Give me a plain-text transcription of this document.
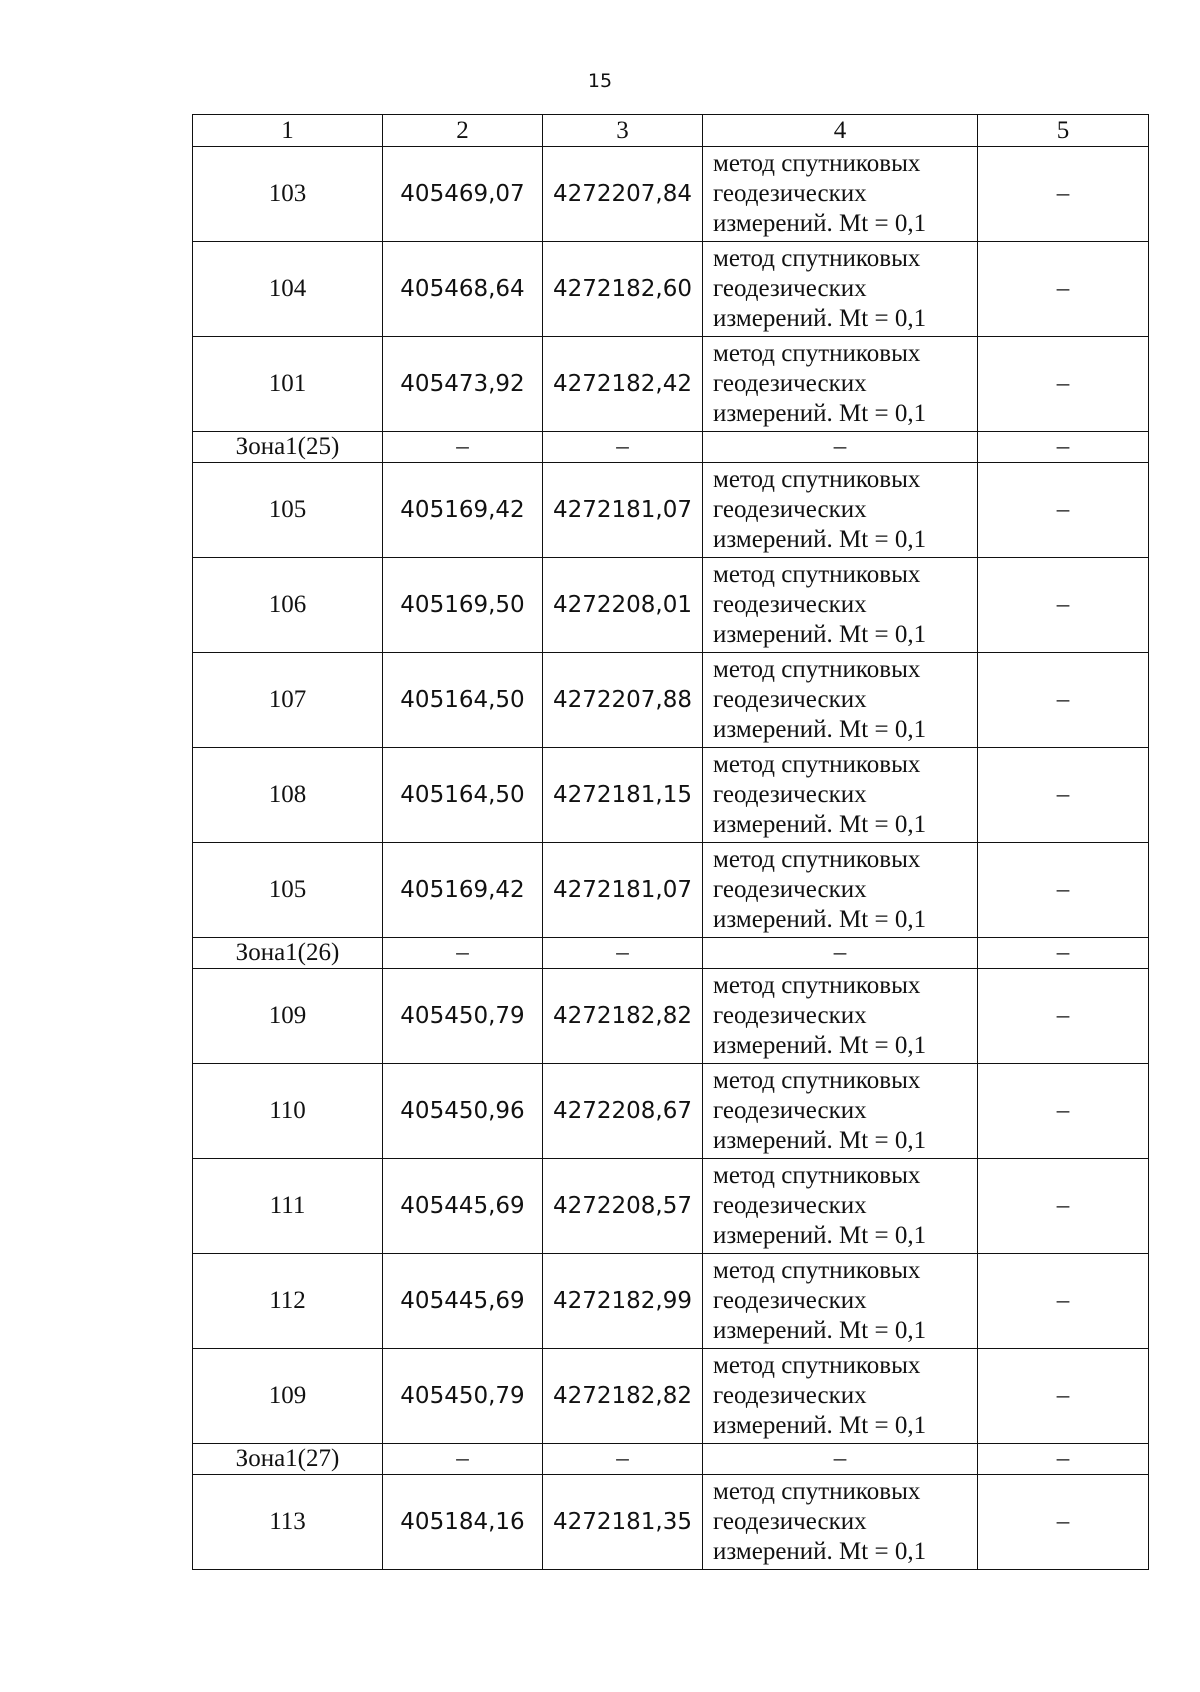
15
1	2	3	4	5
103	405469,07	4272207,84	метод спутниковых
геодезических
измерений. Mt = 0,1	–
104	405468,64	4272182,60	метод спутниковых
геодезических
измерений. Mt = 0,1	–
101	405473,92	4272182,42	метод спутниковых
геодезических
измерений. Mt = 0,1	–
Зона1(25)	–	–	–	–
105	405169,42	4272181,07	метод спутниковых
геодезических
измерений. Mt = 0,1	–
106	405169,50	4272208,01	метод спутниковых
геодезических
измерений. Mt = 0,1	–
107	405164,50	4272207,88	метод спутниковых
геодезических
измерений. Mt = 0,1	–
108	405164,50	4272181,15	метод спутниковых
геодезических
измерений. Mt = 0,1	–
105	405169,42	4272181,07	метод спутниковых
геодезических
измерений. Mt = 0,1	–
Зона1(26)	–	–	–	–
109	405450,79	4272182,82	метод спутниковых
геодезических
измерений. Mt = 0,1	–
110	405450,96	4272208,67	метод спутниковых
геодезических
измерений. Mt = 0,1	–
111	405445,69	4272208,57	метод спутниковых
геодезических
измерений. Mt = 0,1	–
112	405445,69	4272182,99	метод спутниковых
геодезических
измерений. Mt = 0,1	–
109	405450,79	4272182,82	метод спутниковых
геодезических
измерений. Mt = 0,1	–
Зона1(27)	–	–	–	–
113	405184,16	4272181,35	метод спутниковых
геодезических
измерений. Mt = 0,1	–
